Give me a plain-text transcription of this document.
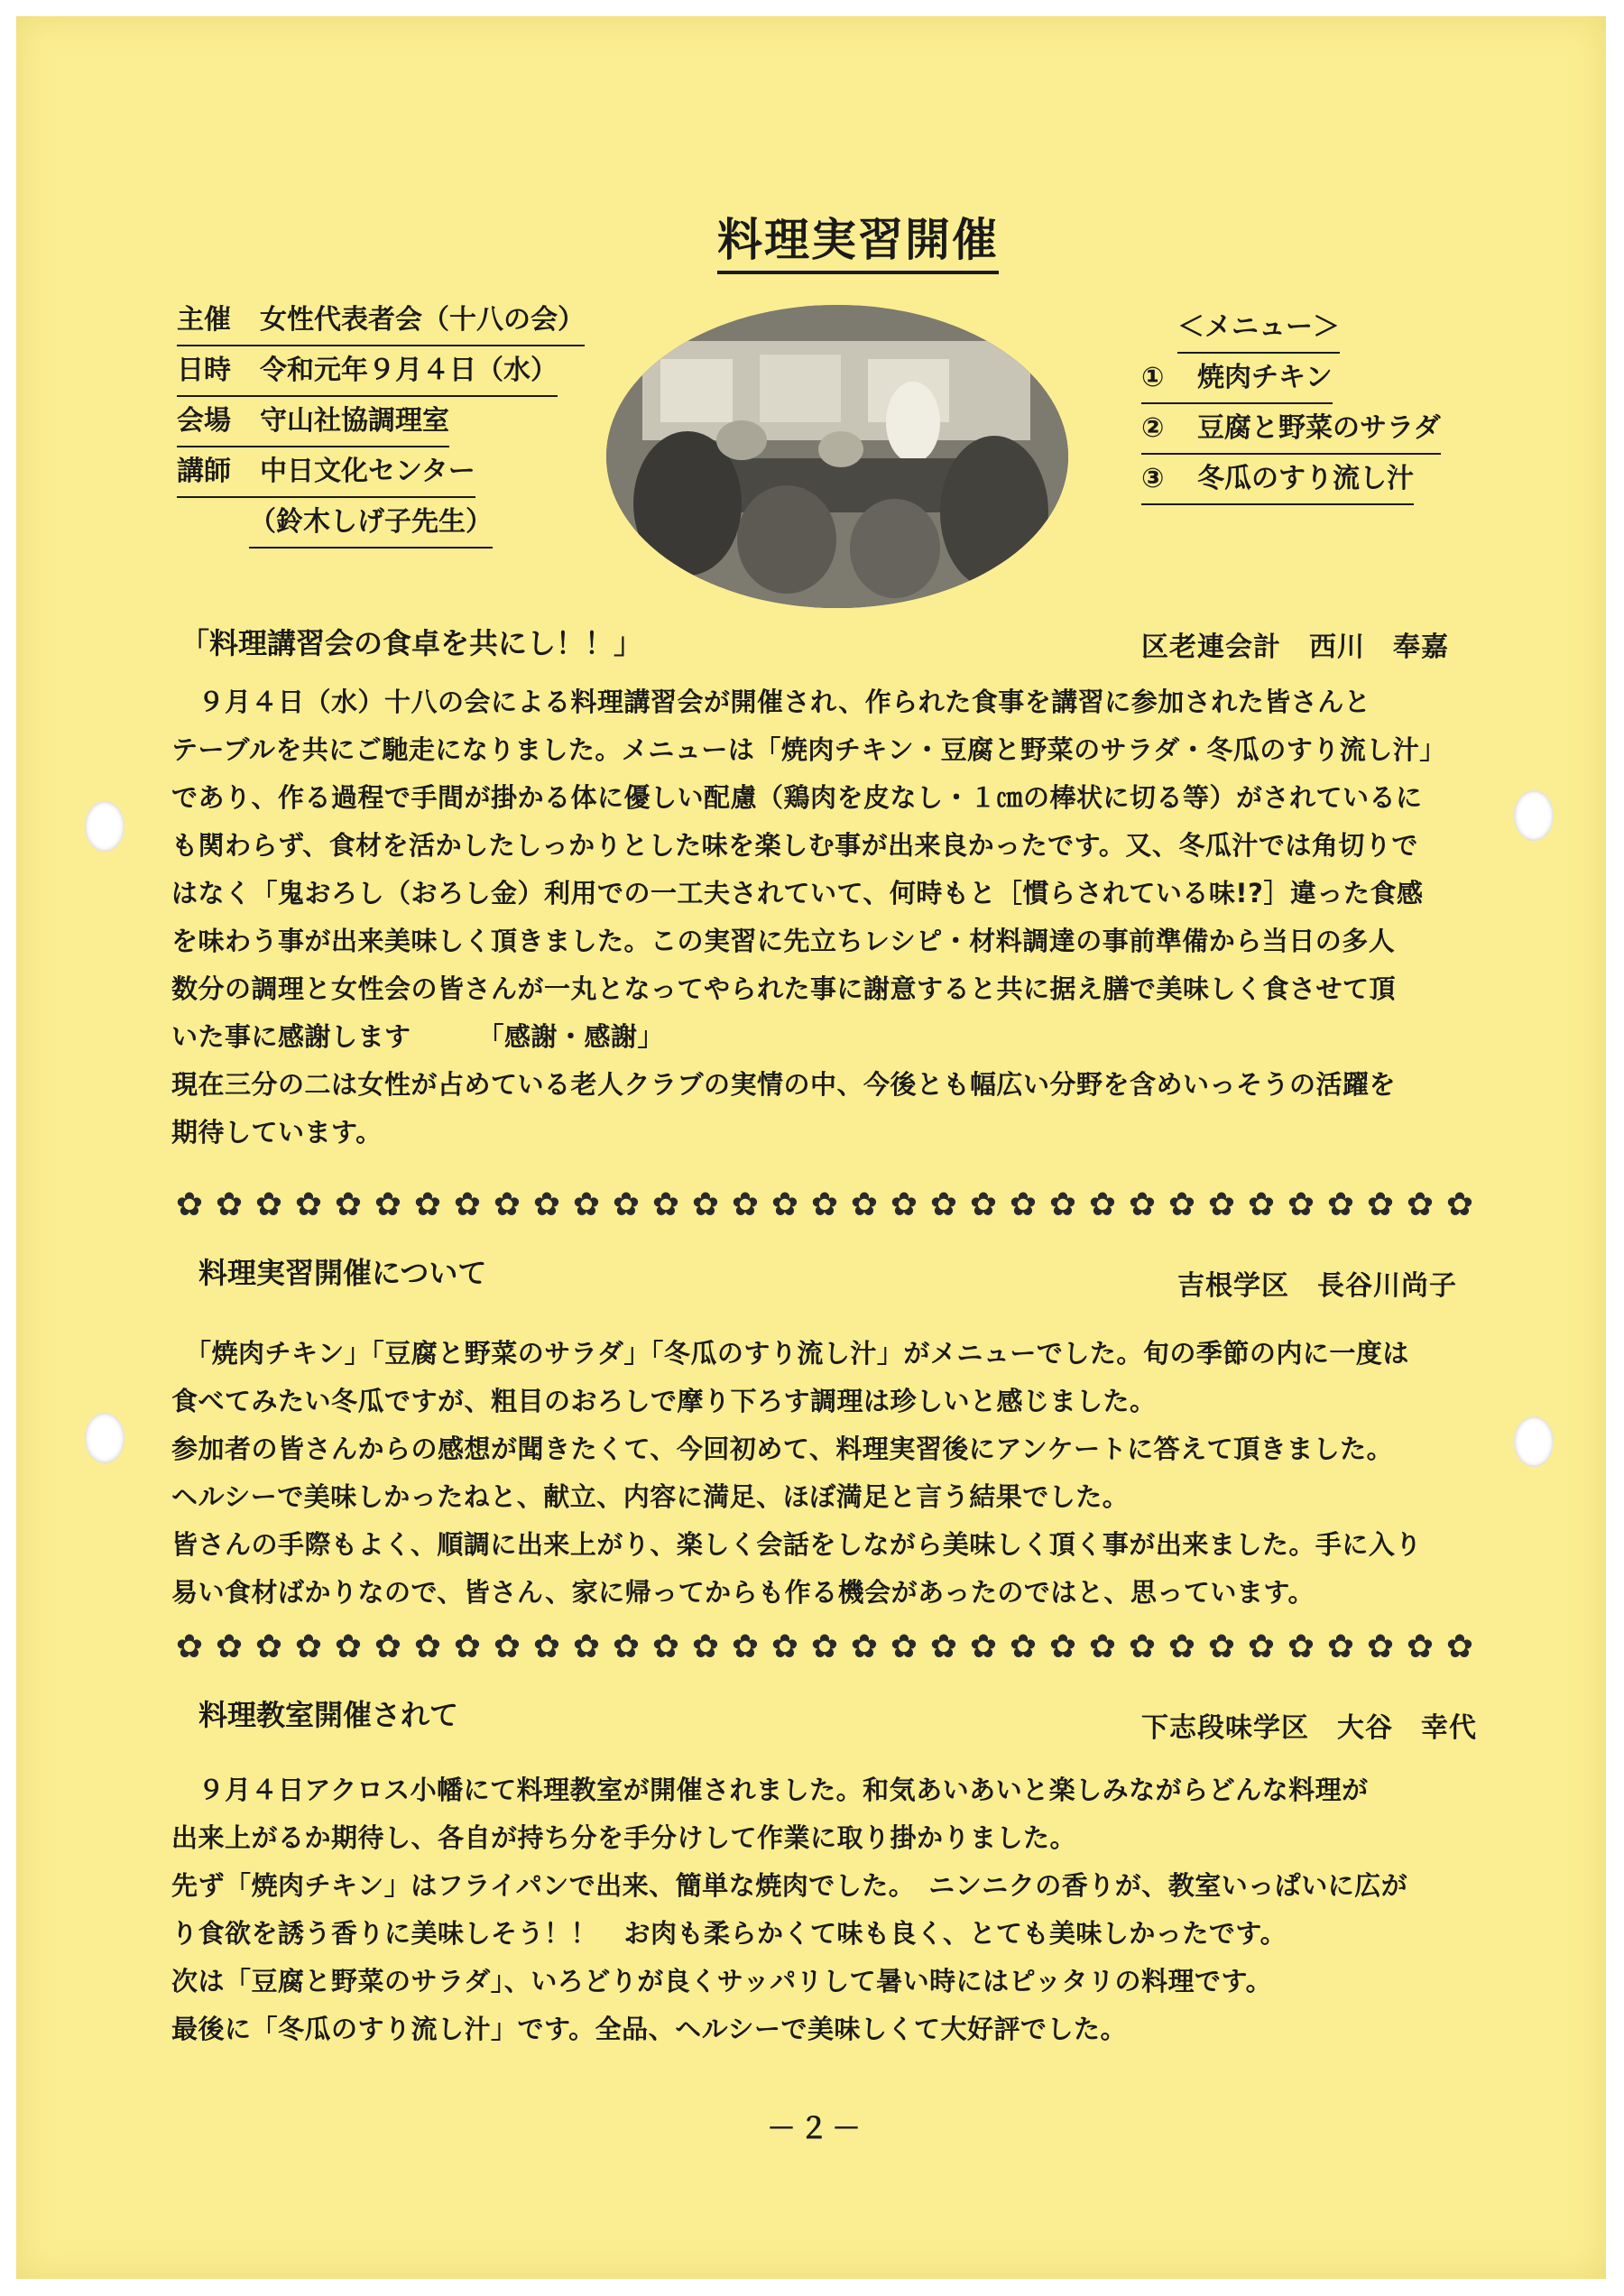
料理実習開催
主催 女性代表者会（十八の会）
日時 令和元年９月４日（水）
会場 守山社協調理室
講師 中日文化センター
（鈴木しげ子先生）
＜メニュー＞
① 焼肉チキン
② 豆腐と野菜のサラダ
③ 冬瓜のすり流し汁
「料理講習会の食卓を共にし！！」	区老連会計　西川　奉嘉

　９月４日（水）十八の会による料理講習会が開催され、作られた食事を講習に参加された皆さんと

テーブルを共にご馳走になりました。メニューは「焼肉チキン・豆腐と野菜のサラダ・冬瓜のすり流し汁」

であり、作る過程で手間が掛かる体に優しい配慮（鶏肉を皮なし・１㎝の棒状に切る等）がされているに

も関わらず、食材を活かしたしっかりとした味を楽しむ事が出来良かったです。又、冬瓜汁では角切りで

はなく「鬼おろし（おろし金）利用での一工夫されていて、何時もと［慣らされている味!?］違った食感

を味わう事が出来美味しく頂きました。この実習に先立ちレシピ・材料調達の事前準備から当日の多人

数分の調理と女性会の皆さんが一丸となってやられた事に謝意すると共に据え膳で美味しく食させて頂

いた事に感謝します　　　「感謝・感謝」

現在三分の二は女性が占めている老人クラブの実情の中、今後とも幅広い分野を含めいっそうの活躍を

期待しています。

✿ ✿ ✿ ✿ ✿ ✿ ✿ ✿ ✿ ✿ ✿ ✿ ✿ ✿ ✿ ✿ ✿ ✿ ✿ ✿ ✿ ✿ ✿ ✿ ✿ ✿ ✿ ✿ ✿ ✿ ✿ ✿ ✿
料理実習開催について	吉根学区　長谷川尚子

　「焼肉チキン」「豆腐と野菜のサラダ」「冬瓜のすり流し汁」がメニューでした。旬の季節の内に一度は

食べてみたい冬瓜ですが、粗目のおろしで摩り下ろす調理は珍しいと感じました。

参加者の皆さんからの感想が聞きたくて、今回初めて、料理実習後にアンケートに答えて頂きました。

ヘルシーで美味しかったねと、献立、内容に満足、ほぼ満足と言う結果でした。

皆さんの手際もよく、順調に出来上がり、楽しく会話をしながら美味しく頂く事が出来ました。手に入り

易い食材ばかりなので、皆さん、家に帰ってからも作る機会があったのではと、思っています。

✿ ✿ ✿ ✿ ✿ ✿ ✿ ✿ ✿ ✿ ✿ ✿ ✿ ✿ ✿ ✿ ✿ ✿ ✿ ✿ ✿ ✿ ✿ ✿ ✿ ✿ ✿ ✿ ✿ ✿ ✿ ✿ ✿
料理教室開催されて	下志段味学区　大谷　幸代

　９月４日アクロス小幡にて料理教室が開催されました。和気あいあいと楽しみながらどんな料理が

出来上がるか期待し、各自が持ち分を手分けして作業に取り掛かりました。

先ず「焼肉チキン」はフライパンで出来、簡単な焼肉でした。　ニンニクの香りが、教室いっぱいに広が

り食欲を誘う香りに美味しそう！！　お肉も柔らかくて味も良く、とても美味しかったです。

次は「豆腐と野菜のサラダ」、いろどりが良くサッパリして暑い時にはピッタリの料理です。

最後に「冬瓜のすり流し汁」です。全品、ヘルシーで美味しくて大好評でした。

－２－
